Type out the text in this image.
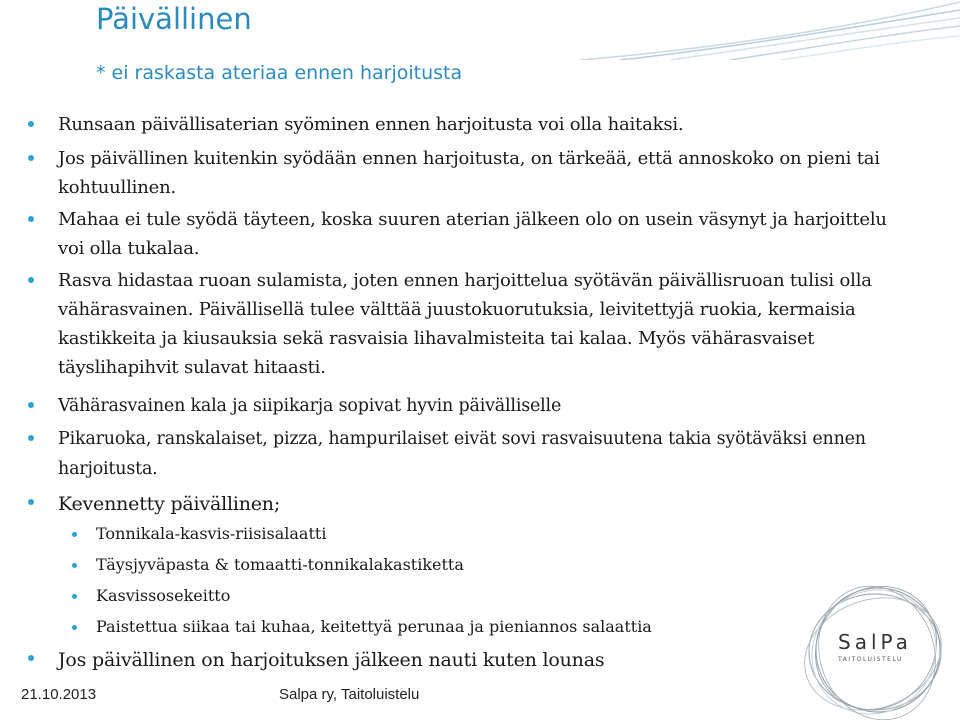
Päivällinen

* ei raskasta ateriaa ennen harjoitusta

Runsaan päivällisaterian syöminen ennen harjoitusta voi olla haitaksi.

Jos päivällinen kuitenkin syödään ennen harjoitusta, on tärkeää, että annoskoko on pieni tai kohtuullinen.

Mahaa ei tule syödä täyteen, koska suuren aterian jälkeen olo on usein väsynyt ja harjoittelu voi olla tukalaa.

Rasva hidastaa ruoan sulamista, joten ennen harjoittelua syötävän päivällisruoan tulisi olla vähärasvainen. Päivällisellä tulee välttää juustokuorutuksia, leivitettyjä ruokia, kermaisia kastikkeita ja kiusauksia sekä rasvaisia lihavalmisteita tai kalaa. Myös vähärasvaiset täyslihapihvit sulavat hitaasti.

Vähärasvainen kala ja siipikarja sopivat hyvin päivälliselle

Pikaruoka, ranskalaiset, pizza, hampurilaiset eivät sovi rasvaisuutena takia syötäväksi ennen harjoitusta.

Kevennetty päivällinen;

Tonnikala-kasvis-riisisalaatti

Täysjyväpasta & tomaatti-tonnikalakastiketta

Kasvissosekeitto

Paistettua siikaa tai kuhaa, keitettyä perunaa ja pieniannos salaattia

Jos päivällinen on harjoituksen jälkeen nauti kuten lounas

SalPa
TAITOLUISTELU
21.10.2013	Salpa ry, Taitoluistelu
